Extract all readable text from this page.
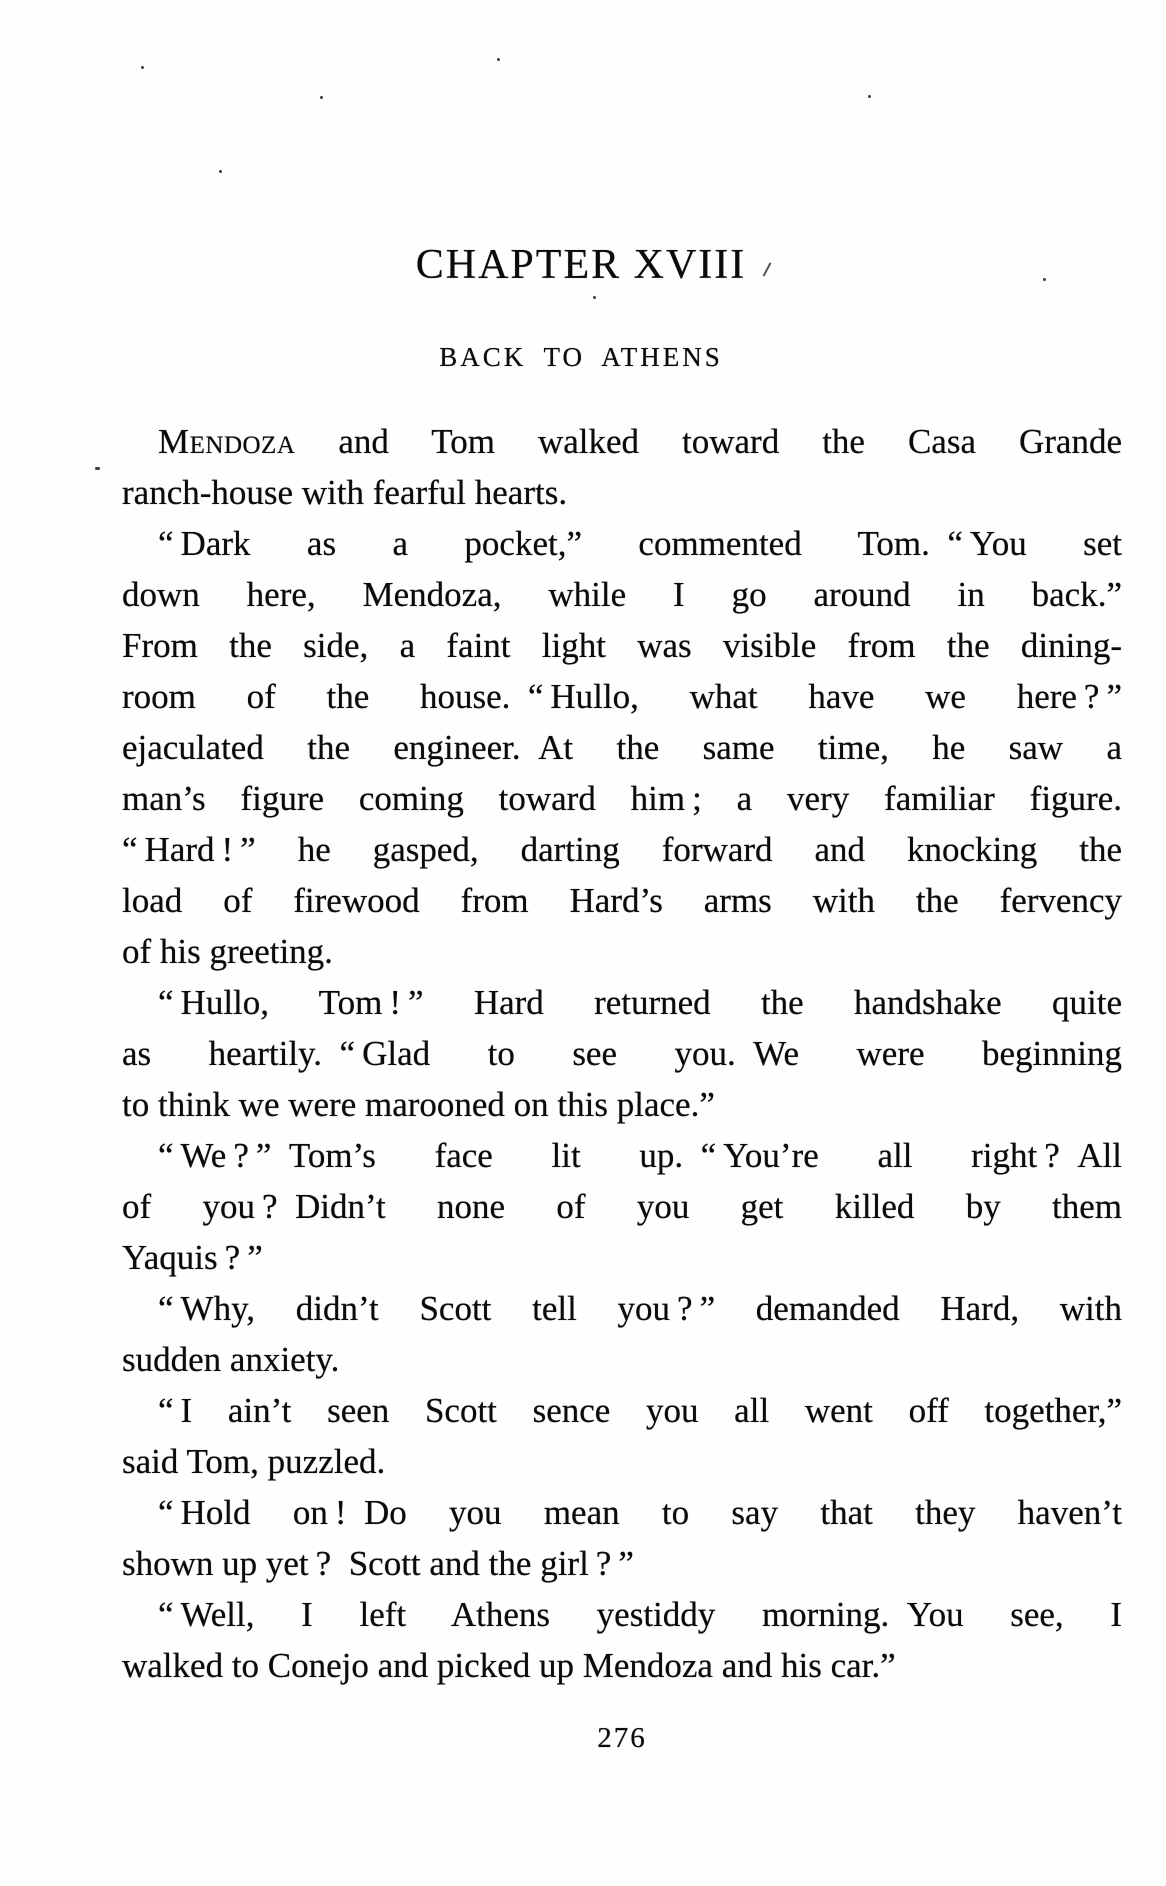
CHAPTER XVIII
BACK TO ATHENS
Mendoza and Tom walked toward the Casa Grande
ranch-house with fearful hearts.
“ Dark as a pocket,” commented Tom. “ You set
down here, Mendoza, while I go around in back.”
From the side, a faint light was visible from the dining-
room of the house. “ Hullo, what have we here ? ”
ejaculated the engineer. At the same time, he saw a
man’s figure coming toward him ; a very familiar figure.
“ Hard ! ” he gasped, darting forward and knocking the
load of firewood from Hard’s arms with the fervency
of his greeting.
“ Hullo, Tom ! ” Hard returned the handshake quite
as heartily. “ Glad to see you. We were beginning
to think we were marooned on this place.”
“ We ? ” Tom’s face lit up. “ You’re all right ? All
of you ? Didn’t none of you get killed by them
Yaquis ? ”
“ Why, didn’t Scott tell you ? ” demanded Hard, with
sudden anxiety.
“ I ain’t seen Scott sence you all went off together,”
said Tom, puzzled.
“ Hold on ! Do you mean to say that they haven’t
shown up yet ? Scott and the girl ? ”
“ Well, I left Athens yestiddy morning. You see, I
walked to Conejo and picked up Mendoza and his car.”
276
